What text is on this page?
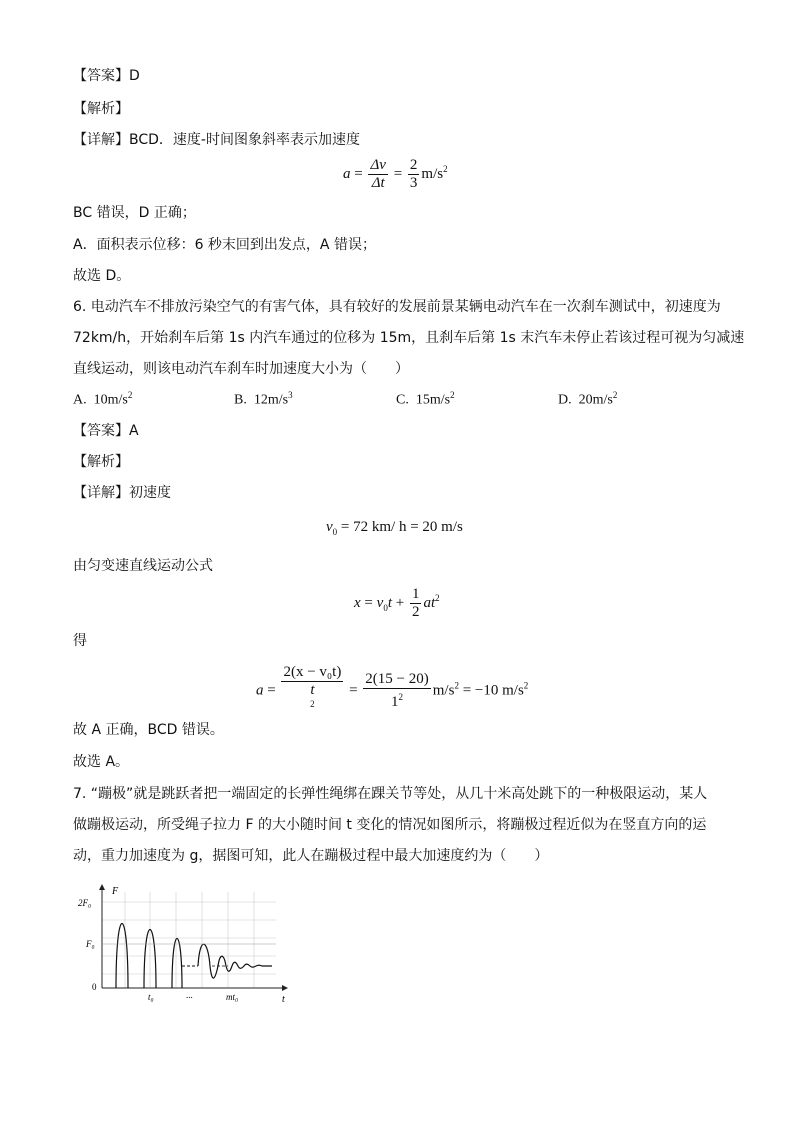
【答案】D
【解析】
【详解】BCD．速度-时间图象斜率表示加速度
$a = \frac{\Delta v}{\Delta t} = \frac{2}{3} m/s^2$
BC 错误，D 正确；
A．面积表示位移：6 秒末回到出发点，A 错误；
故选 D。
6. 电动汽车不排放污染空气的有害气体，具有较好的发展前景某辆电动汽车在一次刹车测试中，初速度为
72km/h，开始刹车后第 1s 内汽车通过的位移为 15m，且刹车后第 1s 末汽车未停止若该过程可视为匀减速
直线运动，则该电动汽车刹车时加速度大小为（　　）
A. $10m/s^2$	B. $12m/s^3$	C. $15m/s^2$	D. $20m/s^2$
【答案】A
【解析】
【详解】初速度
$v_0 = 72$ km/ h = 20 m/s
由匀变速直线运动公式
$x = v_0t + \frac{1}{2} at^2$
得
a =
2(x − v₀t)
t
$^2 = \frac{2(15 - 20)}{1^2} m/s^2 = -10$ $m/s^2$
故 A 正确，BCD 错误。
故选 A。
7. “蹦极”就是跳跃者把一端固定的长弹性绳绑在踝关节等处，从几十米高处跳下的一种极限运动，某人
做蹦极运动，所受绳子拉力 F 的大小随时间 t 变化的情况如图所示，将蹦极过程近似为在竖直方向的运
动，重力加速度为 g，据图可知，此人在蹦极过程中最大加速度约为（　　）
F
2F₀
F₀
0
t₀	...	mt₀	t
